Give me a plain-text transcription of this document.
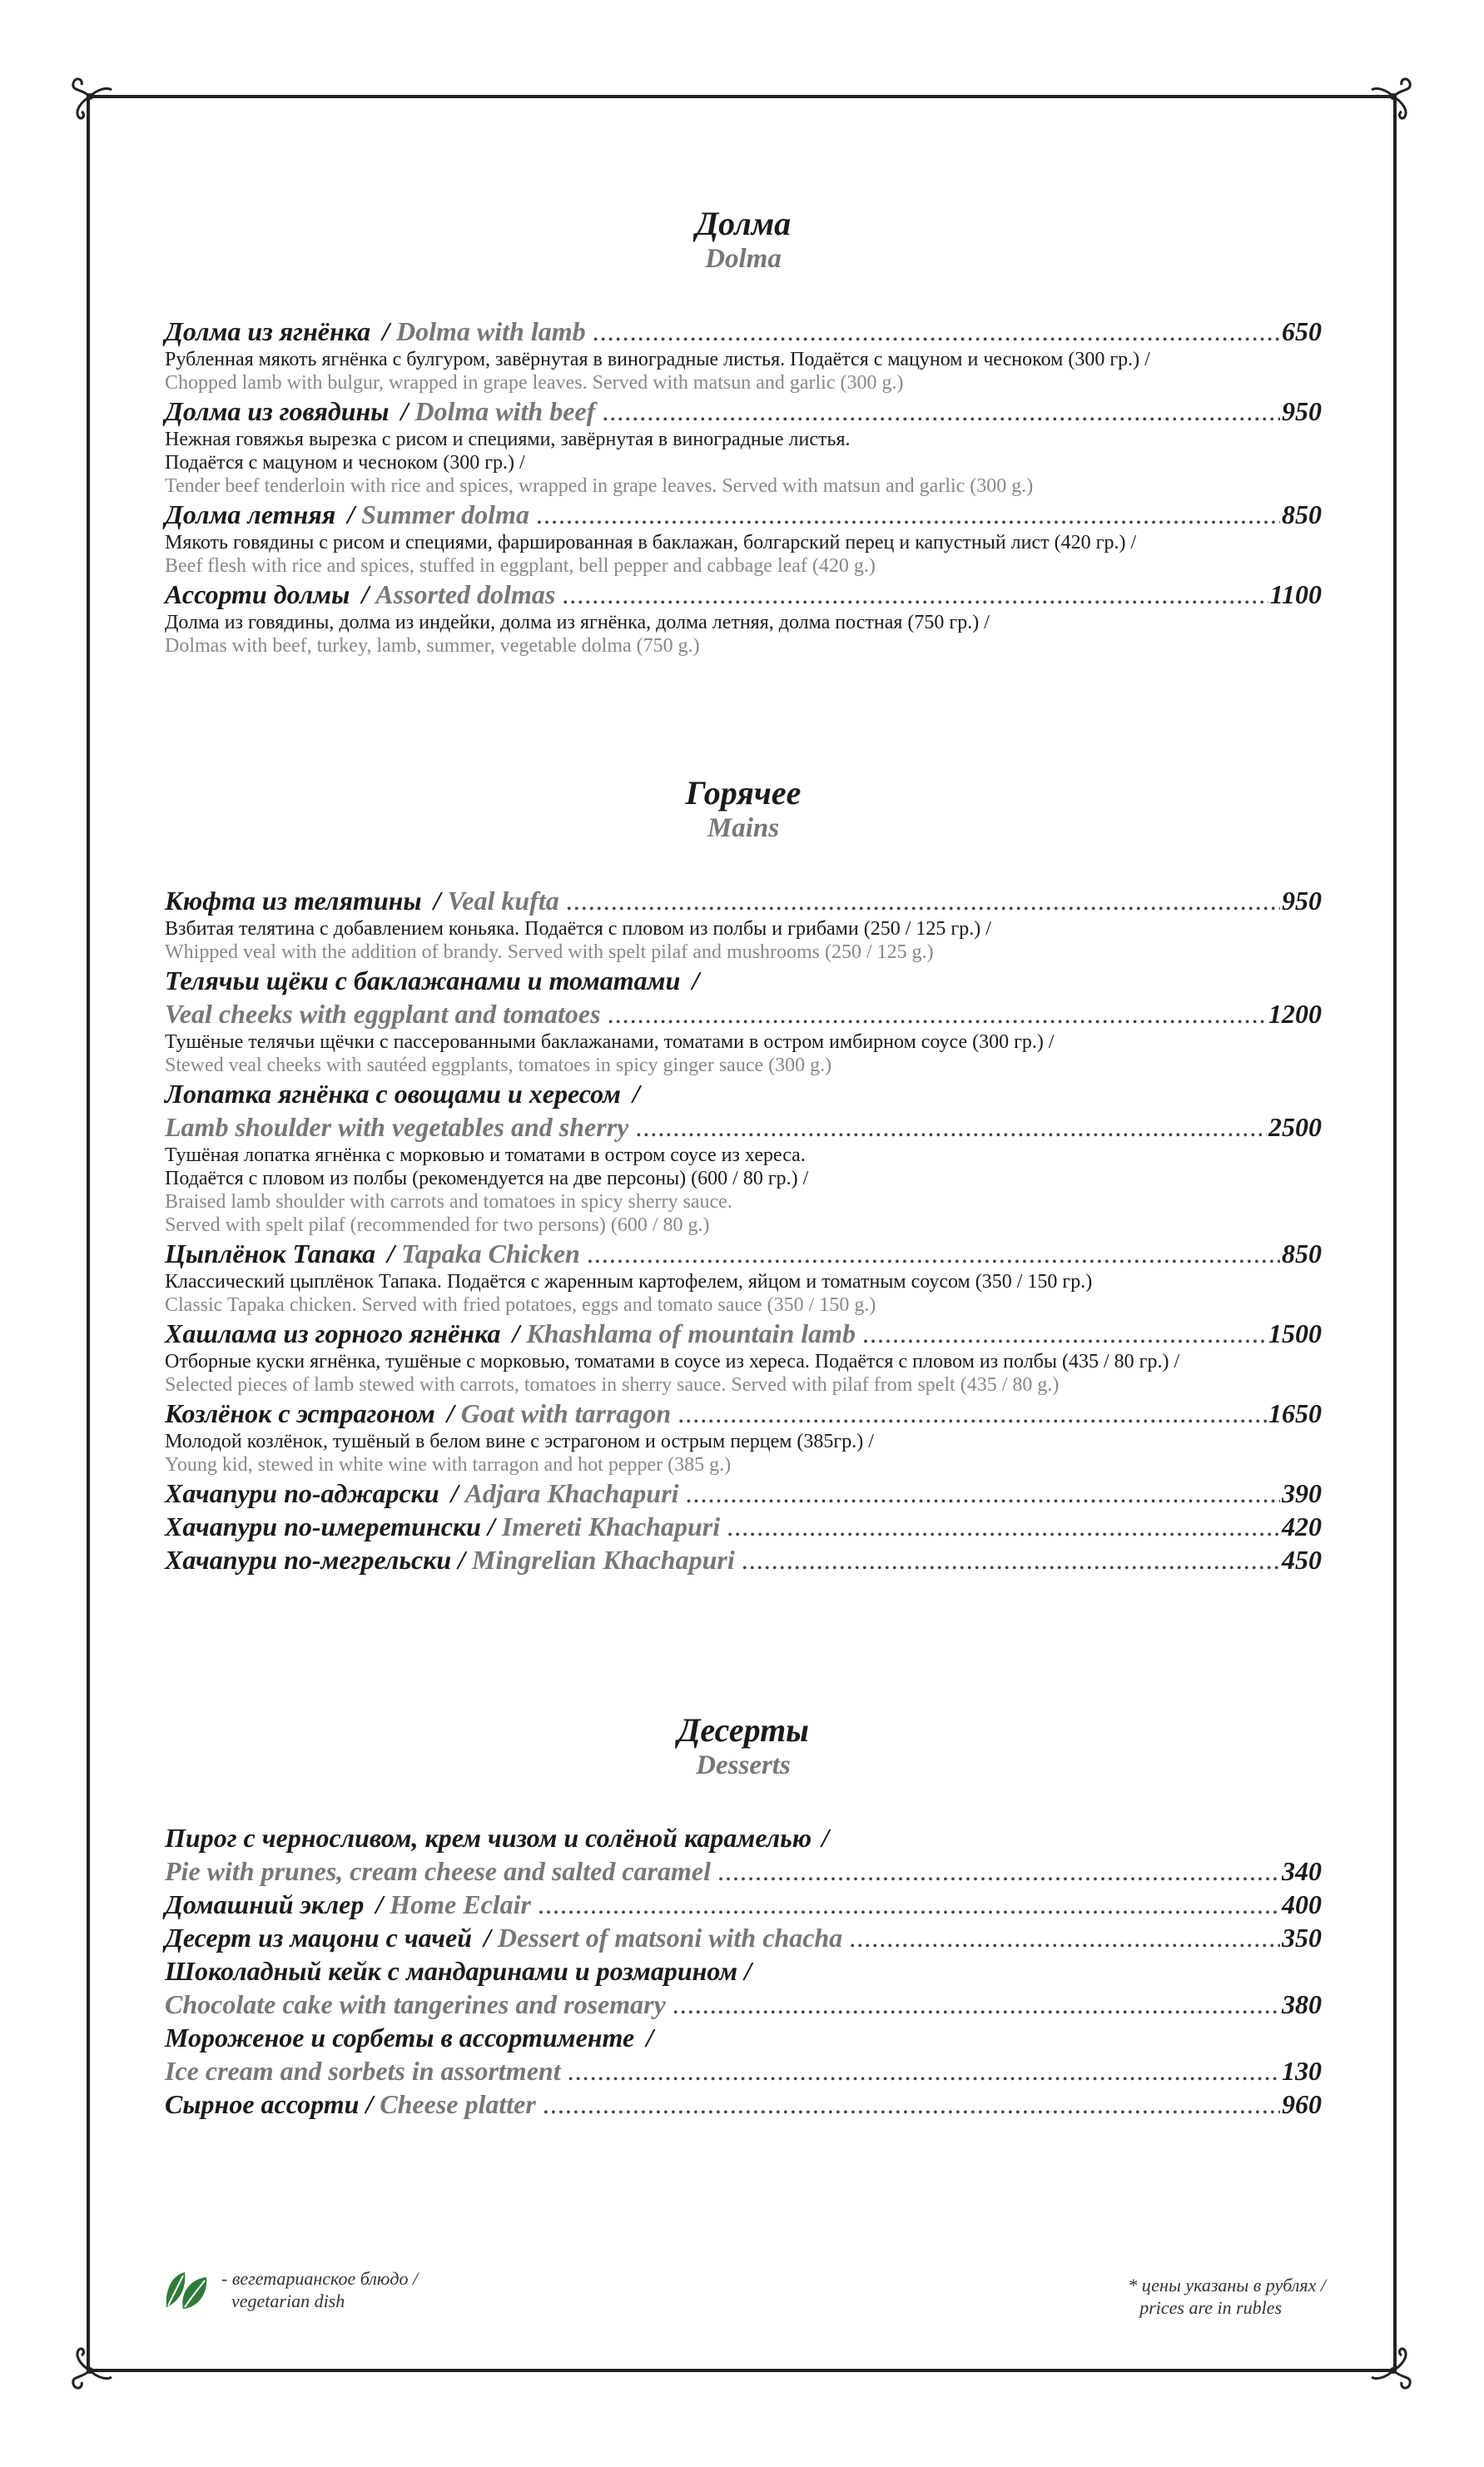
Долма
Dolma
Долма из ягнёнка / Dolma with lamb .....	650
Рубленная мякоть ягнёнка с булгуром, завёрнутая в виноградные листья. Подаётся с мацуном и чесноком (300 гр.) /
Chopped lamb with bulgur, wrapped in grape leaves. Served with matsun and garlic (300 g.)
Долма из говядины / Dolma with beef .....	950
Нежная говяжья вырезка с рисом и специями, завёрнутая в виноградные листья.
Подаётся с мацуном и чесноком (300 гр.) /
Tender beef tenderloin with rice and spices, wrapped in grape leaves. Served with matsun and garlic (300 g.)
Долма летняя / Summer dolma .....	850
Мякоть говядины с рисом и специями, фаршированная в баклажан, болгарский перец и капустный лист (420 гр.) /
Beef flesh with rice and spices, stuffed in eggplant, bell pepper and cabbage leaf (420 g.)
Ассорти долмы / Assorted dolmas .....	1100
Долма из говядины, долма из индейки, долма из ягнёнка, долма летняя, долма постная (750 гр.) /
Dolmas with beef, turkey, lamb, summer, vegetable dolma (750 g.)
Горячее
Mains
Кюфта из телятины / Veal kufta .....	950
Взбитая телятина с добавлением коньяка. Подаётся с пловом из полбы и грибами (250 / 125 гр.) /
Whipped veal with the addition of brandy. Served with spelt pilaf and mushrooms (250 / 125 g.)
Телячьи щёки с баклажанами и томатами /
Veal cheeks with eggplant and tomatoes .....	1200
Тушёные телячьи щёчки с пассерованными баклажанами, томатами в остром имбирном соусе (300 гр.) /
Stewed veal cheeks with sautéed eggplants, tomatoes in spicy ginger sauce (300 g.)
Лопатка ягнёнка с овощами и хересом /
Lamb shoulder with vegetables and sherry .....	2500
Тушёная лопатка ягнёнка с морковью и томатами в остром соусе из хереса.
Подаётся с пловом из полбы (рекомендуется на две персоны) (600 / 80 гр.) /
Braised lamb shoulder with carrots and tomatoes in spicy sherry sauce.
Served with spelt pilaf (recommended for two persons) (600 / 80 g.)
Цыплёнок Тапака / Tapaka Chicken .....	850
Классический цыплёнок Тапака. Подаётся с жаренным картофелем, яйцом и томатным соусом (350 / 150 гр.)
Classic Tapaka chicken. Served with fried potatoes, eggs and tomato sauce (350 / 150 g.)
Хашлама из горного ягнёнка / Khashlama of mountain lamb .....	1500
Отборные куски ягнёнка, тушёные с морковью, томатами в соусе из хереса. Подаётся с пловом из полбы (435 / 80 гр.) /
Selected pieces of lamb stewed with carrots, tomatoes in sherry sauce. Served with pilaf from spelt (435 / 80 g.)
Козлёнок с эстрагоном / Goat with tarragon .....	1650
Молодой козлёнок, тушёный в белом вине с эстрагоном и острым перцем (385гр.) /
Young kid, stewed in white wine with tarragon and hot pepper (385 g.)
Хачапури по-аджарски / Adjara Khachapuri .....	390
Хачапури по-имеретински / Imereti Khachapuri .....	420
Хачапури по-мегрельски / Mingrelian Khachapuri .....	450
Десерты
Desserts
Пирог с черносливом, крем чизом и солёной карамелью /
Pie with prunes, cream cheese and salted caramel .....	340
Домашний эклер / Home Eclair .....	400
Десерт из мацони с чачей / Dessert of matsoni with chacha .....	350
Шоколадный кейк с мандаринами и розмарином /
Chocolate cake with tangerines and rosemary .....	380
Мороженое и сорбеты в ассортименте /
Ice cream and sorbets in assortment .....	130
Сырное ассорти / Cheese platter .....	960
- вегетарианское блюдо /
vegetarian dish
* цены указаны в рублях /
prices are in rubles
